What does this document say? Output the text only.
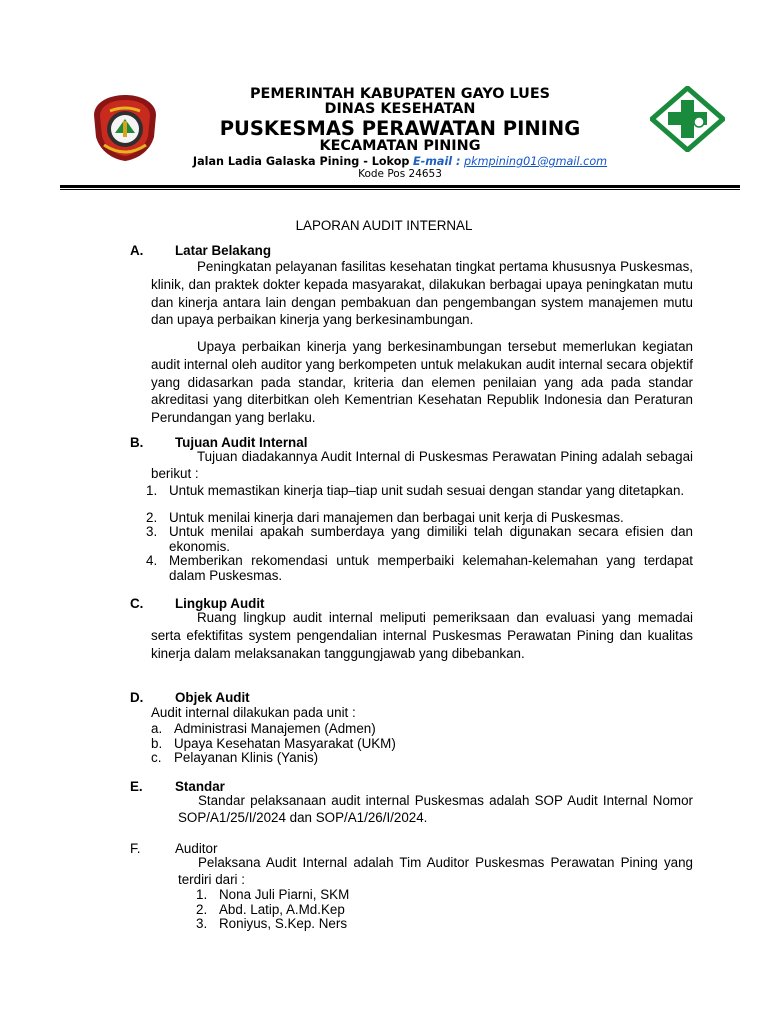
PEMERINTAH KABUPATEN GAYO LUES
DINAS KESEHATAN
PUSKESMAS PERAWATAN PINING
KECAMATAN PINING
Jalan Ladia Galaska Pining - Lokop E-mail : pkmpining01@gmail.com
Kode Pos 24653
LAPORAN AUDIT INTERNAL
A. Latar Belakang
Peningkatan pelayanan fasilitas kesehatan tingkat pertama khususnya Puskesmas, klinik, dan praktek dokter kepada masyarakat, dilakukan berbagai upaya peningkatan mutu dan kinerja antara lain dengan pembakuan dan pengembangan system manajemen mutu dan upaya perbaikan kinerja yang berkesinambungan.
Upaya perbaikan kinerja yang berkesinambungan tersebut memerlukan kegiatan audit internal oleh auditor yang berkompeten untuk melakukan audit internal secara objektif yang didasarkan pada standar, kriteria dan elemen penilaian yang ada pada standar akreditasi yang diterbitkan oleh Kementrian Kesehatan Republik Indonesia dan Peraturan Perundangan yang berlaku.
B. Tujuan Audit Internal
Tujuan diadakannya Audit Internal di Puskesmas Perawatan Pining adalah sebagai berikut :
1. Untuk memastikan kinerja tiap–tiap unit sudah sesuai dengan standar yang ditetapkan.
2. Untuk menilai kinerja dari manajemen dan berbagai unit kerja di Puskesmas.
3. Untuk menilai apakah sumberdaya yang dimiliki telah digunakan secara efisien dan ekonomis.
4. Memberikan rekomendasi untuk memperbaiki kelemahan-kelemahan yang terdapat dalam Puskesmas.
C. Lingkup Audit
Ruang lingkup audit internal meliputi pemeriksaan dan evaluasi yang memadai serta efektifitas system pengendalian internal Puskesmas Perawatan Pining dan kualitas kinerja dalam melaksanakan tanggungjawab yang dibebankan.
D. Objek Audit
Audit internal dilakukan pada unit :
a. Administrasi Manajemen (Admen)
b. Upaya Kesehatan Masyarakat (UKM)
c. Pelayanan Klinis (Yanis)
E. Standar
Standar pelaksanaan audit internal Puskesmas adalah SOP Audit Internal Nomor SOP/A1/25/I/2024 dan SOP/A1/26/I/2024.
F.	Auditor
Pelaksana Audit Internal adalah Tim Auditor Puskesmas Perawatan Pining yang terdiri dari :
1. Nona Juli Piarni, SKM
2. Abd. Latip, A.Md.Kep
3. Roniyus, S.Kep. Ners
